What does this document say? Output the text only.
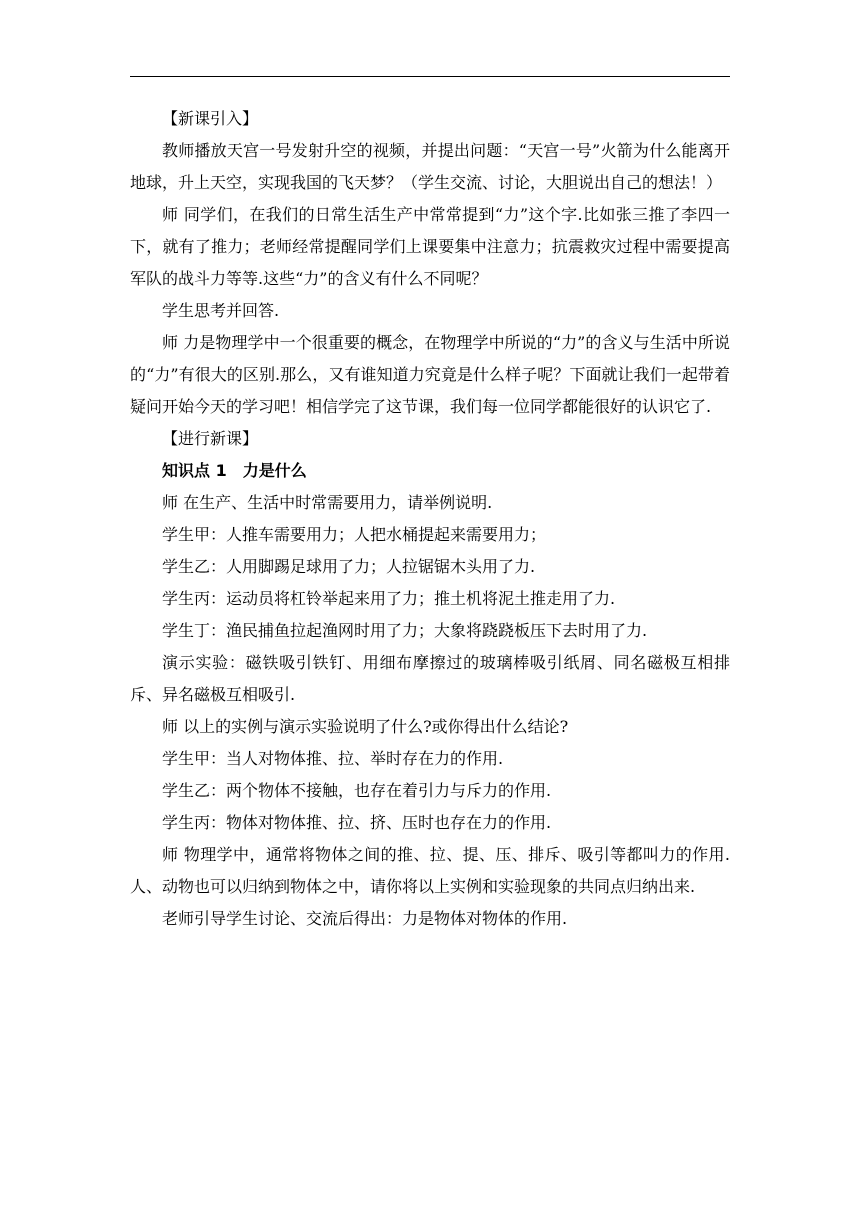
【新课引入】

教师播放天宫一号发射升空的视频，并提出问题：“天宫一号”火箭为什么能离开地球，升上天空，实现我国的飞天梦？（学生交流、讨论，大胆说出自己的想法！）

师 同学们，在我们的日常生活生产中常常提到“力”这个字.比如张三推了李四一下，就有了推力；老师经常提醒同学们上课要集中注意力；抗震救灾过程中需要提高军队的战斗力等等.这些“力”的含义有什么不同呢？

学生思考并回答.

师 力是物理学中一个很重要的概念，在物理学中所说的“力”的含义与生活中所说的“力”有很大的区别.那么，又有谁知道力究竟是什么样子呢？下面就让我们一起带着疑问开始今天的学习吧！相信学完了这节课，我们每一位同学都能很好的认识它了.

【进行新课】

知识点 1　力是什么

师 在生产、生活中时常需要用力，请举例说明.

学生甲：人推车需要用力；人把水桶提起来需要用力；

学生乙：人用脚踢足球用了力；人拉锯锯木头用了力.

学生丙：运动员将杠铃举起来用了力；推土机将泥土推走用了力.

学生丁：渔民捕鱼拉起渔网时用了力；大象将跷跷板压下去时用了力.

演示实验：磁铁吸引铁钉、用细布摩擦过的玻璃棒吸引纸屑、同名磁极互相排斥、异名磁极互相吸引.

师 以上的实例与演示实验说明了什么?或你得出什么结论?

学生甲：当人对物体推、拉、举时存在力的作用.

学生乙：两个物体不接触，也存在着引力与斥力的作用.

学生丙：物体对物体推、拉、挤、压时也存在力的作用.

师 物理学中，通常将物体之间的推、拉、提、压、排斥、吸引等都叫力的作用.人、动物也可以归纳到物体之中，请你将以上实例和实验现象的共同点归纳出来.

老师引导学生讨论、交流后得出：力是物体对物体的作用.
